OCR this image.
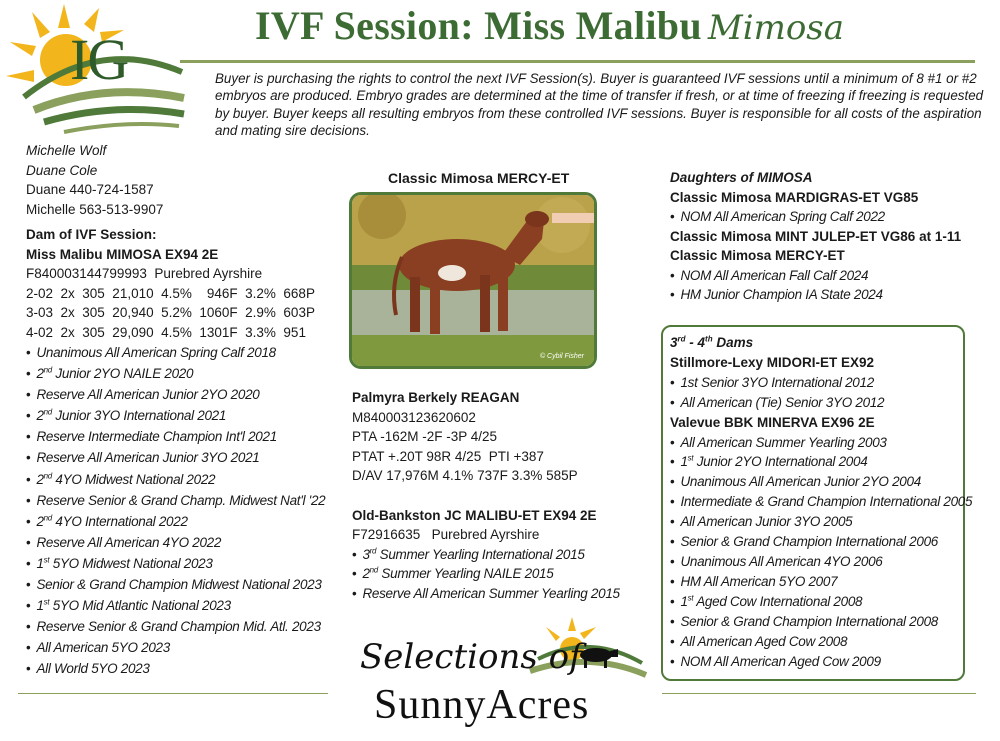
IG
IVF Session: Miss Malibu Mimosa

Buyer is purchasing the rights to control the next IVF Session(s). Buyer is guaranteed IVF sessions until a minimum of 8 #1 or #2 embryos are produced. Embryo grades are determined at the time of transfer if fresh, or at time of freezing if freezing is requested by buyer. Buyer keeps all resulting embryos from these controlled IVF sessions. Buyer is responsible for all costs of the aspiration and mating sire decisions.

Michelle Wolf
Duane Cole
Duane 440-724-1587
Michelle 563-513-9907
Dam of IVF Session:
Miss Malibu MIMOSA EX94 2E
F840003144799993  Purebred Ayrshire
2-02  2x  305  21,010  4.5%    946F  3.2%  668P
3-03  2x  305  20,940  5.2%  1060F  2.9%  603P
4-02  2x  305  29,090  4.5%  1301F  3.3%  951
• Unanimous All American Spring Calf 2018
• 2nd Junior 2YO NAILE 2020
• Reserve All American Junior 2YO 2020
• 2nd Junior 3YO International 2021
• Reserve Intermediate Champion Int'l 2021
• Reserve All American Junior 3YO 2021
• 2nd 4YO Midwest National 2022
• Reserve Senior & Grand Champ. Midwest Nat'l '22
• 2nd 4YO International 2022
• Reserve All American 4YO 2022
• 1st 5YO Midwest National 2023
• Senior & Grand Champion Midwest National 2023
• 1st 5YO Mid Atlantic National 2023
• Reserve Senior & Grand Champion Mid. Atl. 2023
• All American 5YO 2023
• All World 5YO 2023
Classic Mimosa MERCY-ET
© Cybil Fisher
Palmyra Berkely REAGAN
M840003123620602
PTA -162M -2F -3P 4/25
PTAT +.20T 98R 4/25  PTI +387
D/AV 17,976M 4.1% 737F 3.3% 585P
Old-Bankston JC MALIBU-ET EX94 2E
F72916635   Purebred Ayrshire
• 3rd Summer Yearling International 2015
• 2nd Summer Yearling NAILE 2015
• Reserve All American Summer Yearling 2015
Daughters of MIMOSA
Classic Mimosa MARDIGRAS-ET VG85
• NOM All American Spring Calf 2022
Classic Mimosa MINT JULEP-ET VG86 at 1-11
Classic Mimosa MERCY-ET
• NOM All American Fall Calf 2024
• HM Junior Champion IA State 2024
3rd - 4th Dams
Stillmore-Lexy MIDORI-ET EX92
• 1st Senior 3YO International 2012
• All American (Tie) Senior 3YO 2012
Valevue BBK MINERVA EX96 2E
• All American Summer Yearling 2003
• 1st Junior 2YO International 2004
• Unanimous All American Junior 2YO 2004
• Intermediate & Grand Champion International 2005
• All American Junior 3YO 2005
• Senior & Grand Champion International 2006
• Unanimous All American 4YO 2006
• HM All American 5YO 2007
• 1st Aged Cow International 2008
• Senior & Grand Champion International 2008
• All American Aged Cow 2008
• NOM All American Aged Cow 2009
Selections of
SunnyAcres
